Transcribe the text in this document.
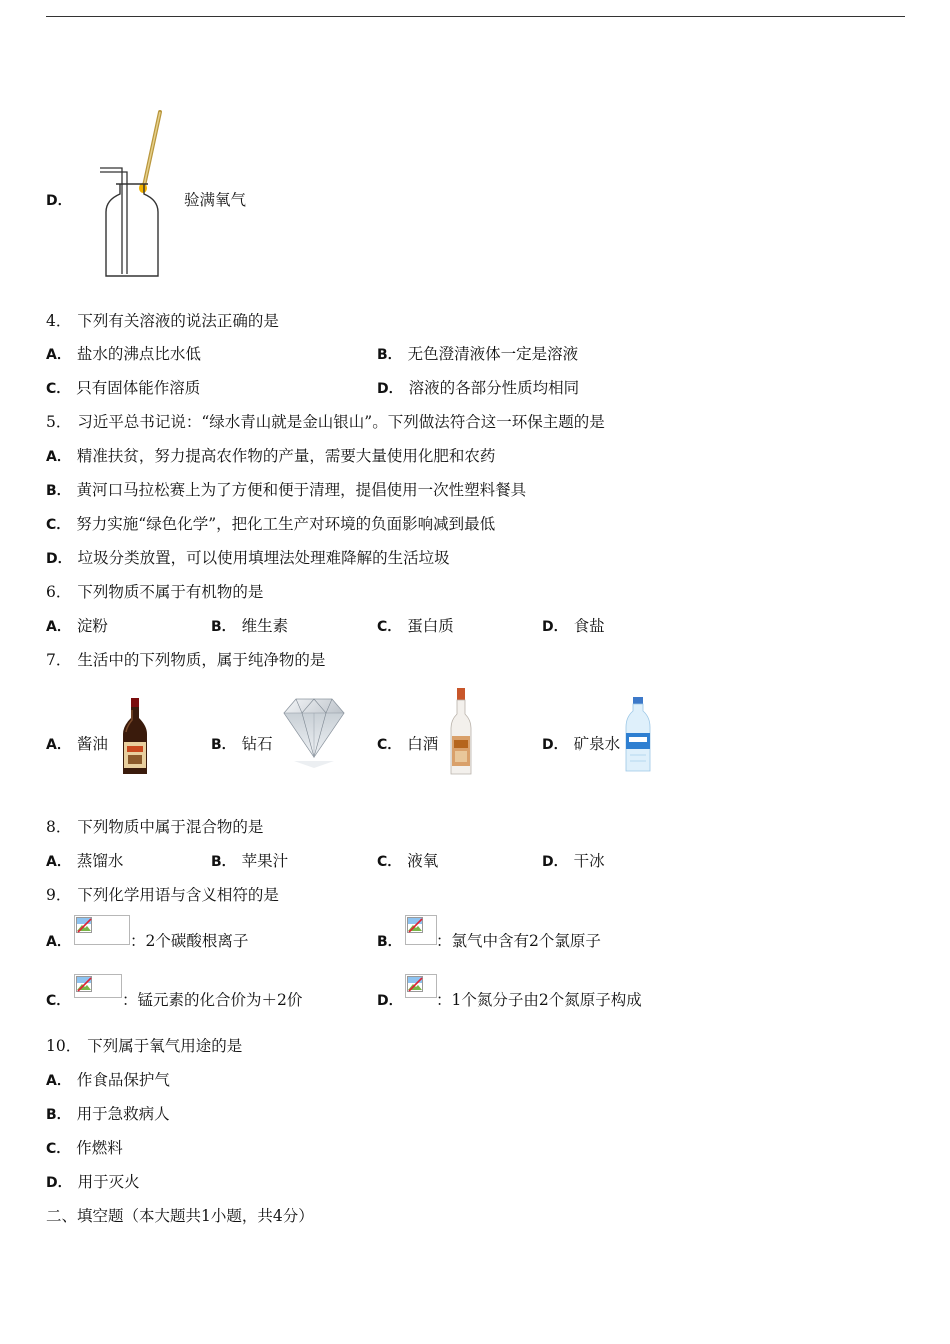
D．	验满氧气
4． 下列有关溶液的说法正确的是
A． 盐水的沸点比水低	B． 无色澄清液体一定是溶液
C． 只有固体能作溶质	D． 溶液的各部分性质均相同
5． 习近平总书记说：“绿水青山就是金山银山”。下列做法符合这一环保主题的是
A． 精准扶贫，努力提高农作物的产量，需要大量使用化肥和农药
B． 黄河口马拉松赛上为了方便和便于清理，提倡使用一次性塑料餐具
C． 努力实施“绿色化学”，把化工生产对环境的负面影响减到最低
D． 垃圾分类放置，可以使用填埋法处理难降解的生活垃圾
6． 下列物质不属于有机物的是
A． 淀粉	B． 维生素	C． 蛋白质	D． 食盐
7． 生活中的下列物质，属于纯净物的是
A． 酱油	B． 钻石	C． 白酒	D． 矿泉水
8． 下列物质中属于混合物的是
A． 蒸馏水	B． 苹果汁	C． 液氧	D． 干冰
9． 下列化学用语与含义相符的是
A．	：2个碳酸根离子	B．	：氯气中含有2个氯原子
C．	：锰元素的化合价为＋2价	D．	：1个氮分子由2个氮原子构成
10． 下列属于氧气用途的是
A． 作食品保护气
B． 用于急救病人
C． 作燃料
D． 用于灭火
二、填空题（本大题共1小题，共4分）
